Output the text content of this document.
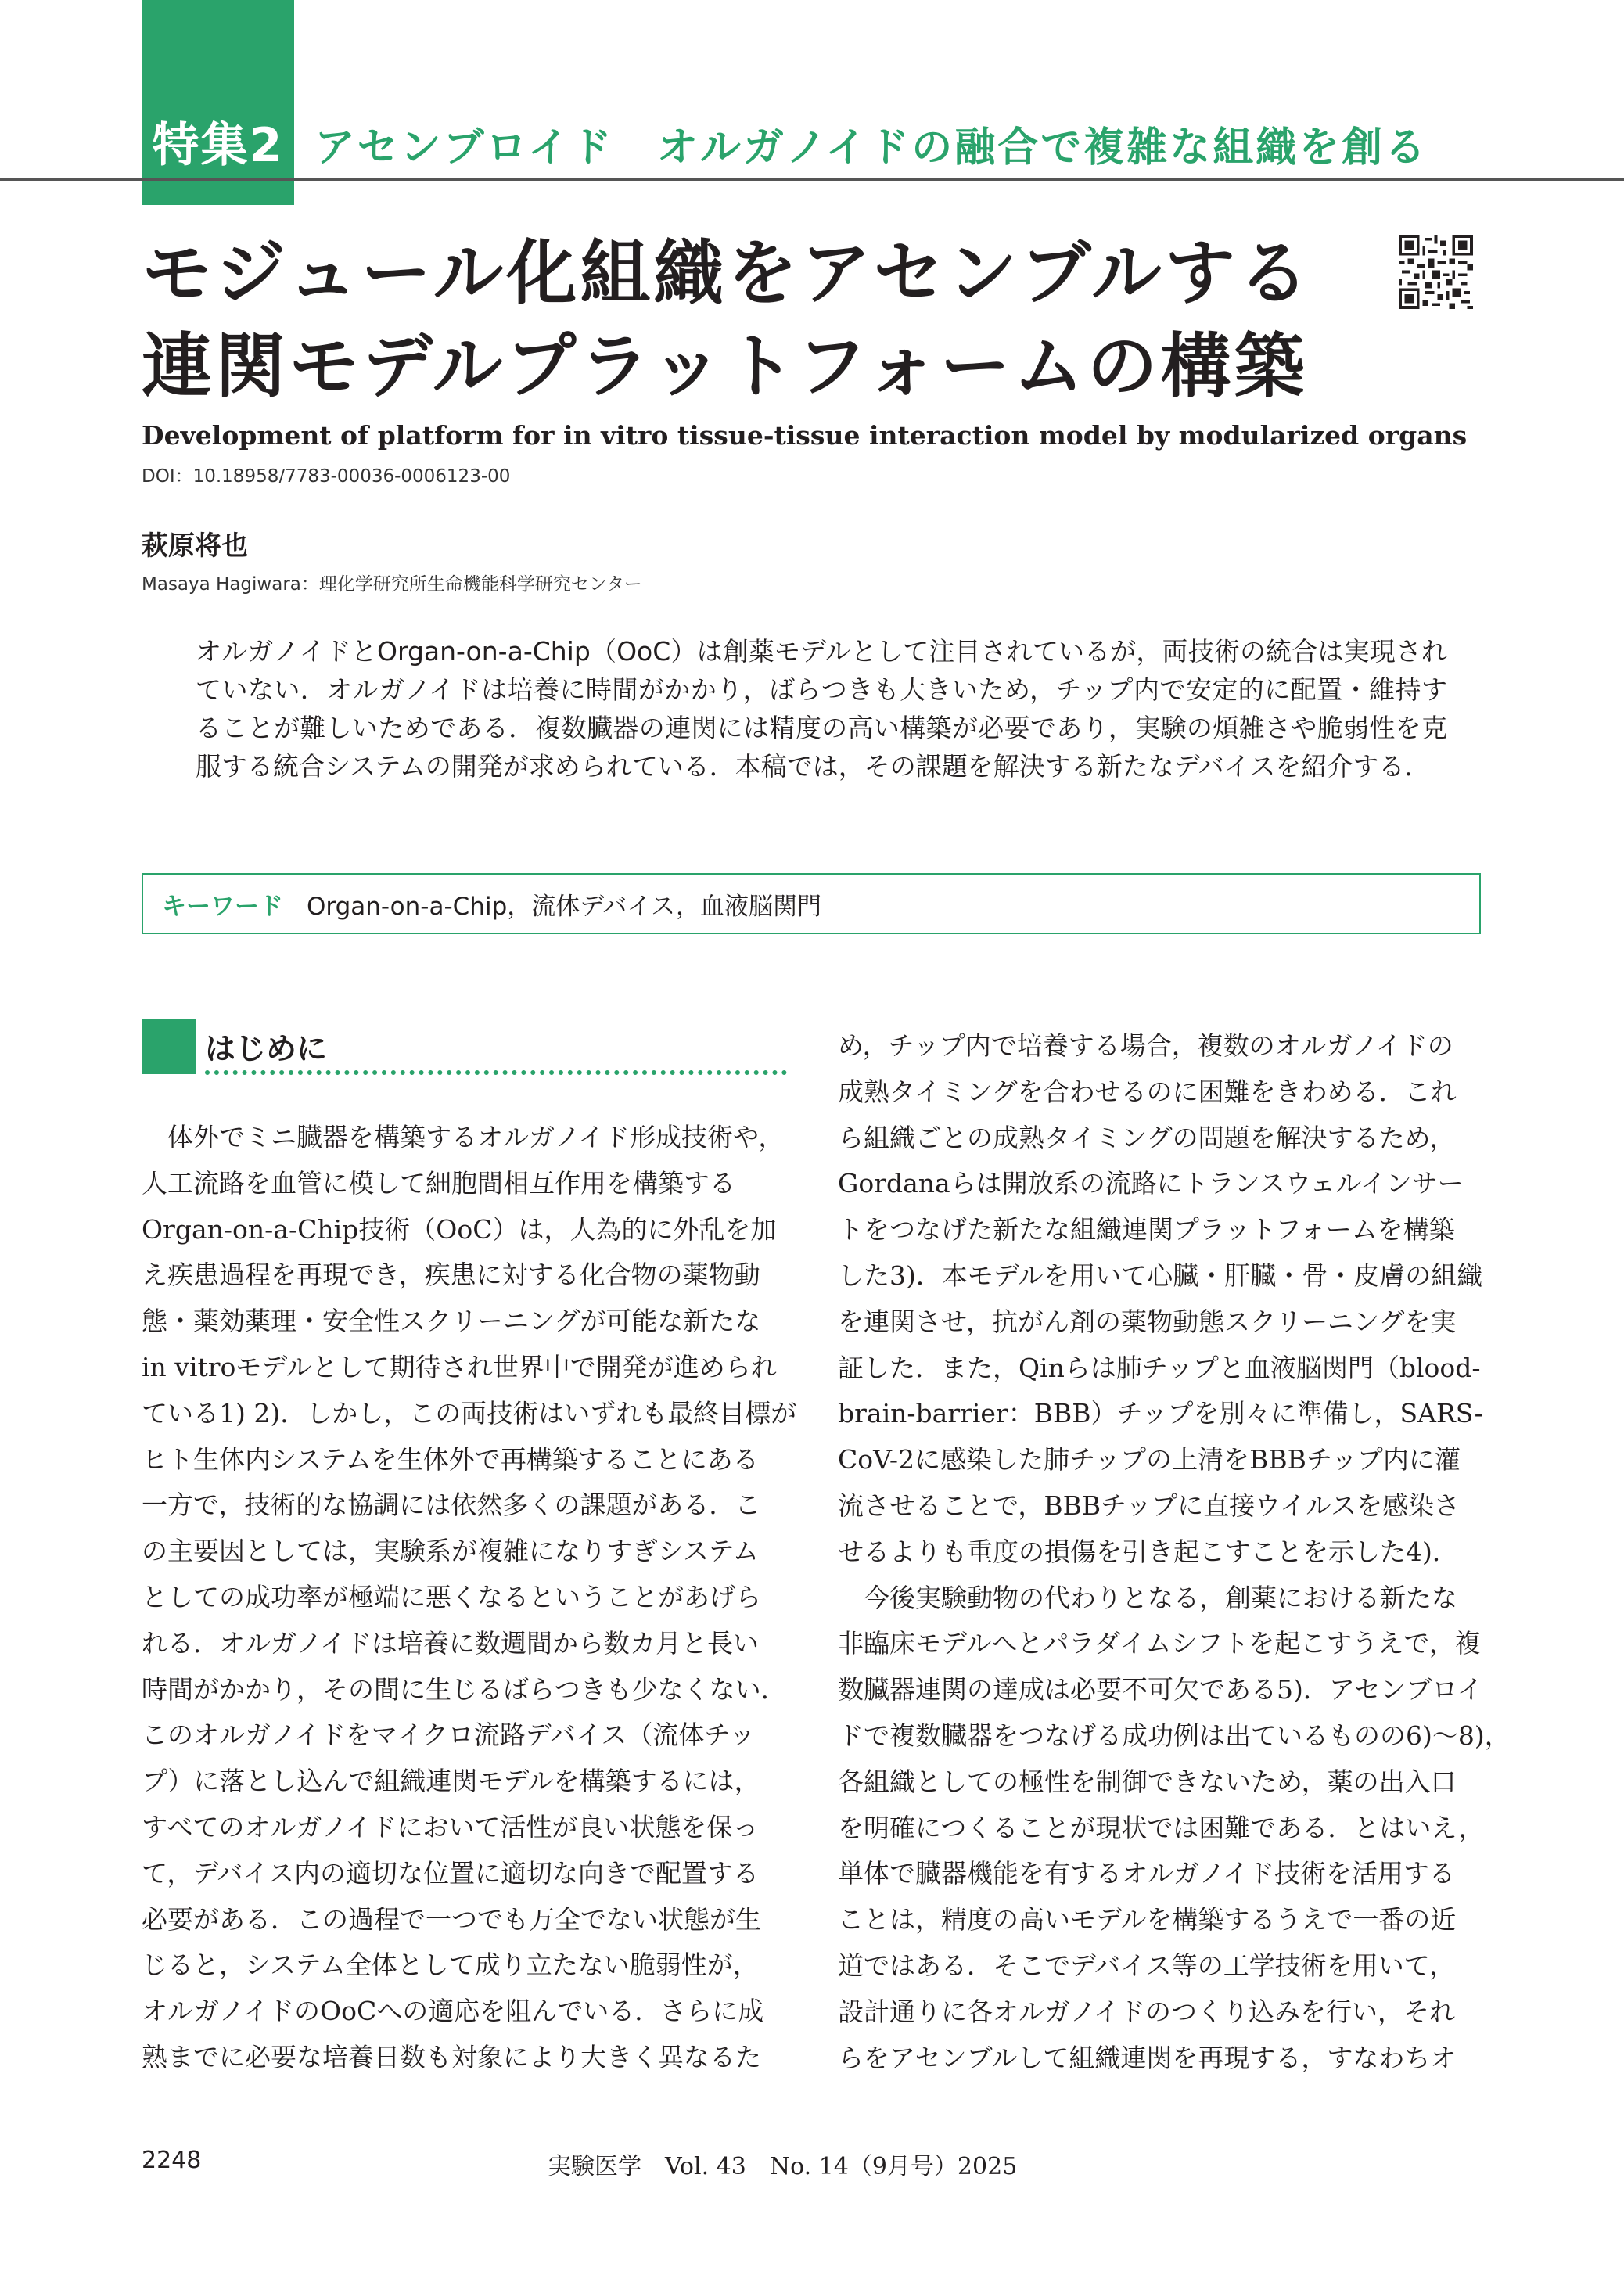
特集2 アセンブロイド　オルガノイドの融合で複雑な組織を創る
モジュール化組織をアセンブルする
連関モデルプラットフォームの構築
Development of platform for in vitro tissue-tissue interaction model by modularized organs
DOI：10.18958/7783-00036-0006123-00
萩原将也
Masaya Hagiwara：理化学研究所生命機能科学研究センター
オルガノイドとOrgan-on-a-Chip（OoC）は創薬モデルとして注目されているが，両技術の統合は実現されていない．オルガノイドは培養に時間がかかり，ばらつきも大きいため，チップ内で安定的に配置・維持することが難しいためである．複数臓器の連関には精度の高い構築が必要であり，実験の煩雑さや脆弱性を克服する統合システムの開発が求められている．本稿では，その課題を解決する新たなデバイスを紹介する．
キーワード Organ-on-a-Chip，流体デバイス，血液脳関門
はじめに
　体外でミニ臓器を構築するオルガノイド形成技術や，
人工流路を血管に模して細胞間相互作用を構築する
Organ-on-a-Chip技術（OoC）は，人為的に外乱を加
え疾患過程を再現でき，疾患に対する化合物の薬物動
態・薬効薬理・安全性スクリーニングが可能な新たな
in vitroモデルとして期待され世界中で開発が進められ
ている1) 2)．しかし，この両技術はいずれも最終目標が
ヒト生体内システムを生体外で再構築することにある
一方で，技術的な協調には依然多くの課題がある．こ
の主要因としては，実験系が複雑になりすぎシステム
としての成功率が極端に悪くなるということがあげら
れる．オルガノイドは培養に数週間から数カ月と長い
時間がかかり，その間に生じるばらつきも少なくない．
このオルガノイドをマイクロ流路デバイス（流体チッ
プ）に落とし込んで組織連関モデルを構築するには，
すべてのオルガノイドにおいて活性が良い状態を保っ
て，デバイス内の適切な位置に適切な向きで配置する
必要がある．この過程で一つでも万全でない状態が生
じると，システム全体として成り立たない脆弱性が，
オルガノイドのOoCへの適応を阻んでいる．さらに成
熟までに必要な培養日数も対象により大きく異なるた
め，チップ内で培養する場合，複数のオルガノイドの
成熟タイミングを合わせるのに困難をきわめる．これ
ら組織ごとの成熟タイミングの問題を解決するため，
Gordanaらは開放系の流路にトランスウェルインサー
トをつなげた新たな組織連関プラットフォームを構築
した3)．本モデルを用いて心臓・肝臓・骨・皮膚の組織
を連関させ，抗がん剤の薬物動態スクリーニングを実
証した．また，Qinらは肺チップと血液脳関門（blood-
brain-barrier：BBB）チップを別々に準備し，SARS-
CoV-2に感染した肺チップの上清をBBBチップ内に灌
流させることで，BBBチップに直接ウイルスを感染さ
せるよりも重度の損傷を引き起こすことを示した4)．
　今後実験動物の代わりとなる，創薬における新たな
非臨床モデルへとパラダイムシフトを起こすうえで，複
数臓器連関の達成は必要不可欠である5)．アセンブロイ
ドで複数臓器をつなげる成功例は出ているものの6)～8)，
各組織としての極性を制御できないため，薬の出入口
を明確につくることが現状では困難である．とはいえ，
単体で臓器機能を有するオルガノイド技術を活用する
ことは，精度の高いモデルを構築するうえで一番の近
道ではある．そこでデバイス等の工学技術を用いて，
設計通りに各オルガノイドのつくり込みを行い，それ
らをアセンブルして組織連関を再現する，すなわちオ
2248	実験医学　Vol. 43　No. 14（9月号）2025
